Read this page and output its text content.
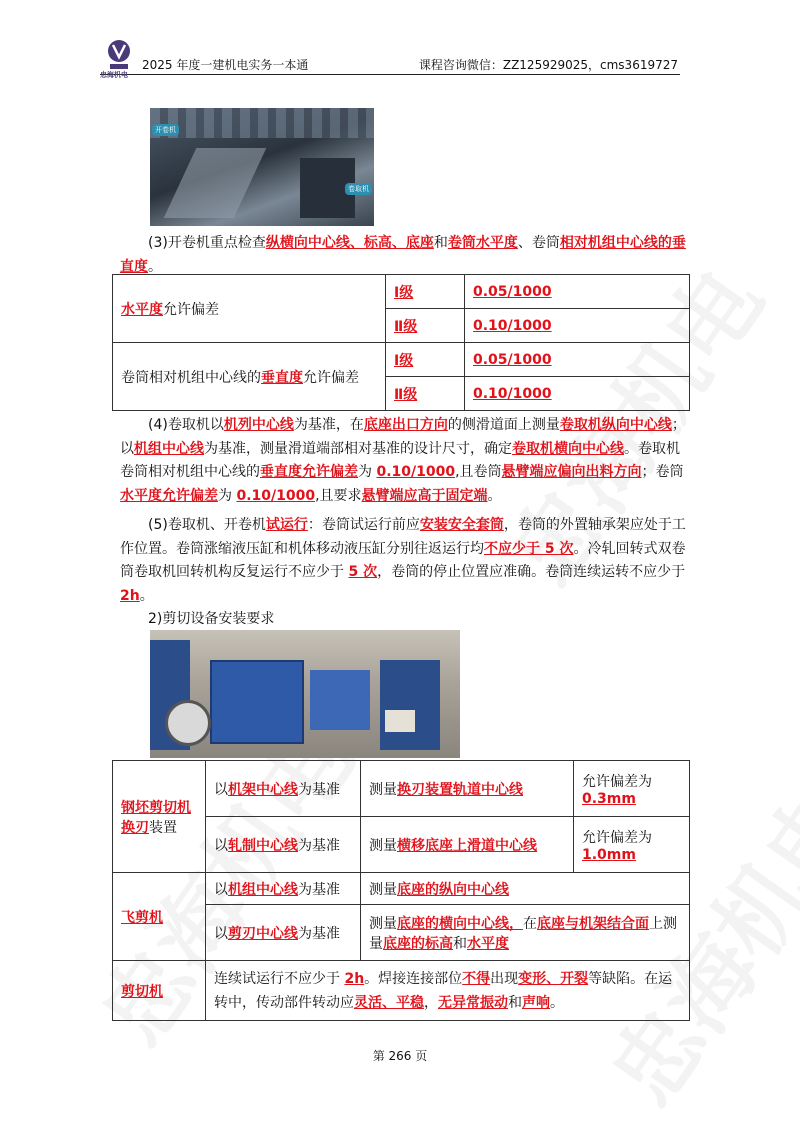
忠海机电
2025 年度一建机电实务一本通	课程咨询微信：ZZ125929025，cms3619727
开卷机
卷取机
(3)开卷机重点检查纵横向中心线、标高、底座和卷筒水平度、卷筒相对机组中心线的垂直度。
水平度允许偏差	Ⅰ级	0.05/1000
	Ⅱ级	0.10/1000
卷筒相对机组中心线的垂直度允许偏差	Ⅰ级	0.05/1000
	Ⅱ级	0.10/1000
(4)卷取机以机列中心线为基准，在底座出口方向的侧滑道面上测量卷取机纵向中心线；以机组中心线为基准，测量滑道端部相对基准的设计尺寸，确定卷取机横向中心线。卷取机卷筒相对机组中心线的垂直度允许偏差为 0.10/1000,且卷筒悬臂端应偏向出料方向；卷筒水平度允许偏差为 0.10/1000,且要求悬臂端应高于固定端。
(5)卷取机、开卷机试运行：卷筒试运行前应安装安全套筒，卷筒的外置轴承架应处于工作位置。卷筒涨缩液压缸和机体移动液压缸分别往返运行均不应少于 5 次。冷轧回转式双卷筒卷取机回转机构反复运行不应少于 5 次，卷筒的停止位置应准确。卷筒连续运转不应少于 2h。
2)剪切设备安装要求
钢坯剪切机换刃装置	以机架中心线为基准	测量换刃装置轨道中心线	允许偏差为
0.3mm
	以轧制中心线为基准	测量横移底座上滑道中心线	允许偏差为
1.0mm
飞剪机	以机组中心线为基准	测量底座的纵向中心线	
	以剪刃中心线为基准	测量底座的横向中心线，在底座与机架结合面上测量底座的标高和水平度	
剪切机	连续试运行不应少于 2h。焊接连接部位不得出现变形、开裂等缺陷。在运转中，传动部件转动应灵活、平稳，无异常振动和声响。		
第 266 页
